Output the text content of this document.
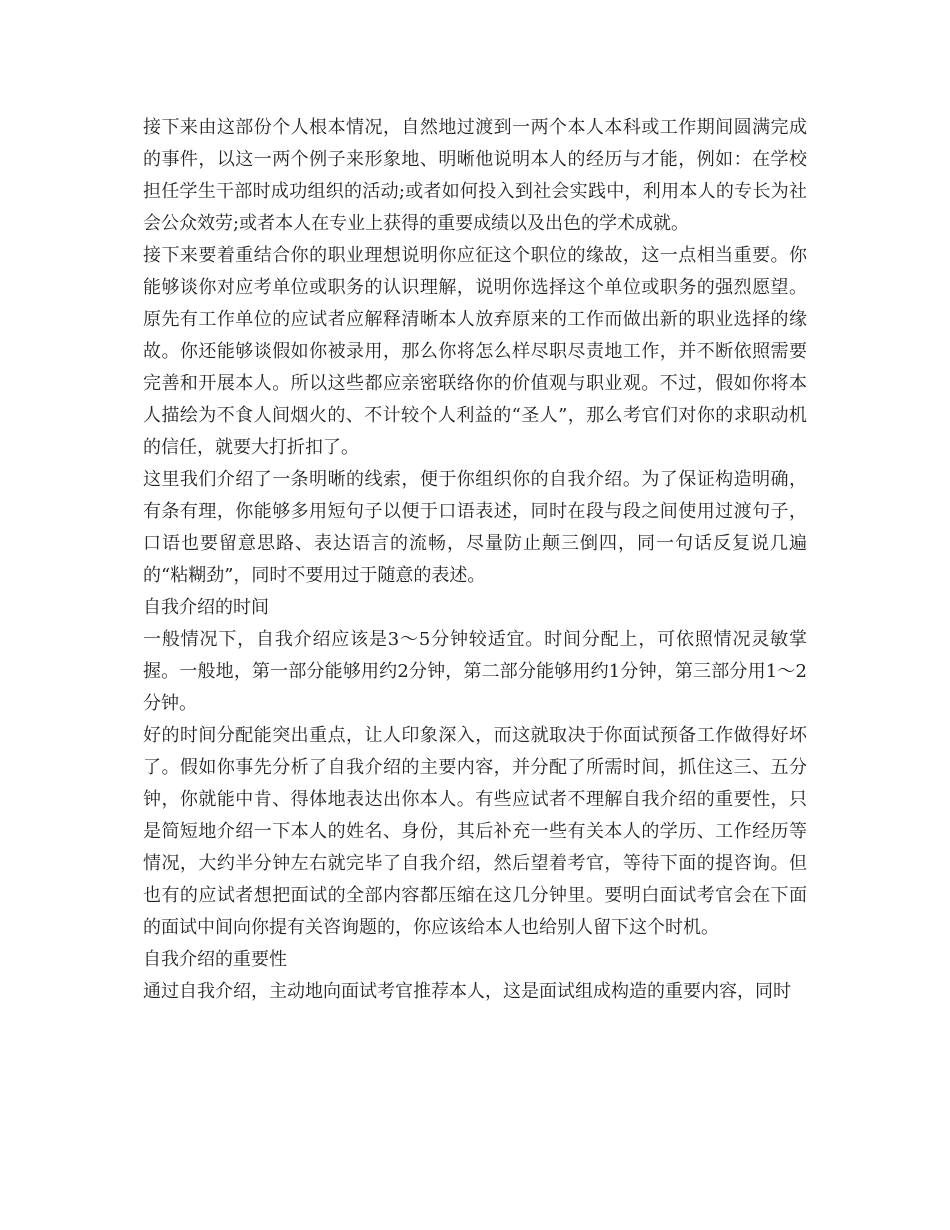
接下来由这部份个人根本情况，自然地过渡到一两个本人本科或工作期间圆满完成的事件，以这一两个例子来形象地、明晰他说明本人的经历与才能，例如：在学校担任学生干部时成功组织的活动;或者如何投入到社会实践中，利用本人的专长为社会公众效劳;或者本人在专业上获得的重要成绩以及出色的学术成就。

接下来要着重结合你的职业理想说明你应征这个职位的缘故，这一点相当重要。你能够谈你对应考单位或职务的认识理解，说明你选择这个单位或职务的强烈愿望。原先有工作单位的应试者应解释清晰本人放弃原来的工作而做出新的职业选择的缘故。你还能够谈假如你被录用，那么你将怎么样尽职尽责地工作，并不断依照需要完善和开展本人。所以这些都应亲密联络你的价值观与职业观。不过，假如你将本人描绘为不食人间烟火的、不计较个人利益的“圣人”，那么考官们对你的求职动机的信任，就要大打折扣了。

这里我们介绍了一条明晰的线索，便于你组织你的自我介绍。为了保证构造明确，有条有理，你能够多用短句子以便于口语表述，同时在段与段之间使用过渡句子，口语也要留意思路、表达语言的流畅，尽量防止颠三倒四，同一句话反复说几遍的“粘糊劲”，同时不要用过于随意的表述。

自我介绍的时间

一般情况下，自我介绍应该是3～5分钟较适宜。时间分配上，可依照情况灵敏掌握。一般地，第一部分能够用约2分钟，第二部分能够用约1分钟，第三部分用1～2分钟。

好的时间分配能突出重点，让人印象深入，而这就取决于你面试预备工作做得好坏了。假如你事先分析了自我介绍的主要内容，并分配了所需时间，抓住这三、五分钟，你就能中肯、得体地表达出你本人。有些应试者不理解自我介绍的重要性，只是简短地介绍一下本人的姓名、身份，其后补充一些有关本人的学历、工作经历等情况，大约半分钟左右就完毕了自我介绍，然后望着考官，等待下面的提咨询。但也有的应试者想把面试的全部内容都压缩在这几分钟里。要明白面试考官会在下面的面试中间向你提有关咨询题的，你应该给本人也给别人留下这个时机。

自我介绍的重要性

通过自我介绍，主动地向面试考官推荐本人，这是面试组成构造的重要内容，同时
